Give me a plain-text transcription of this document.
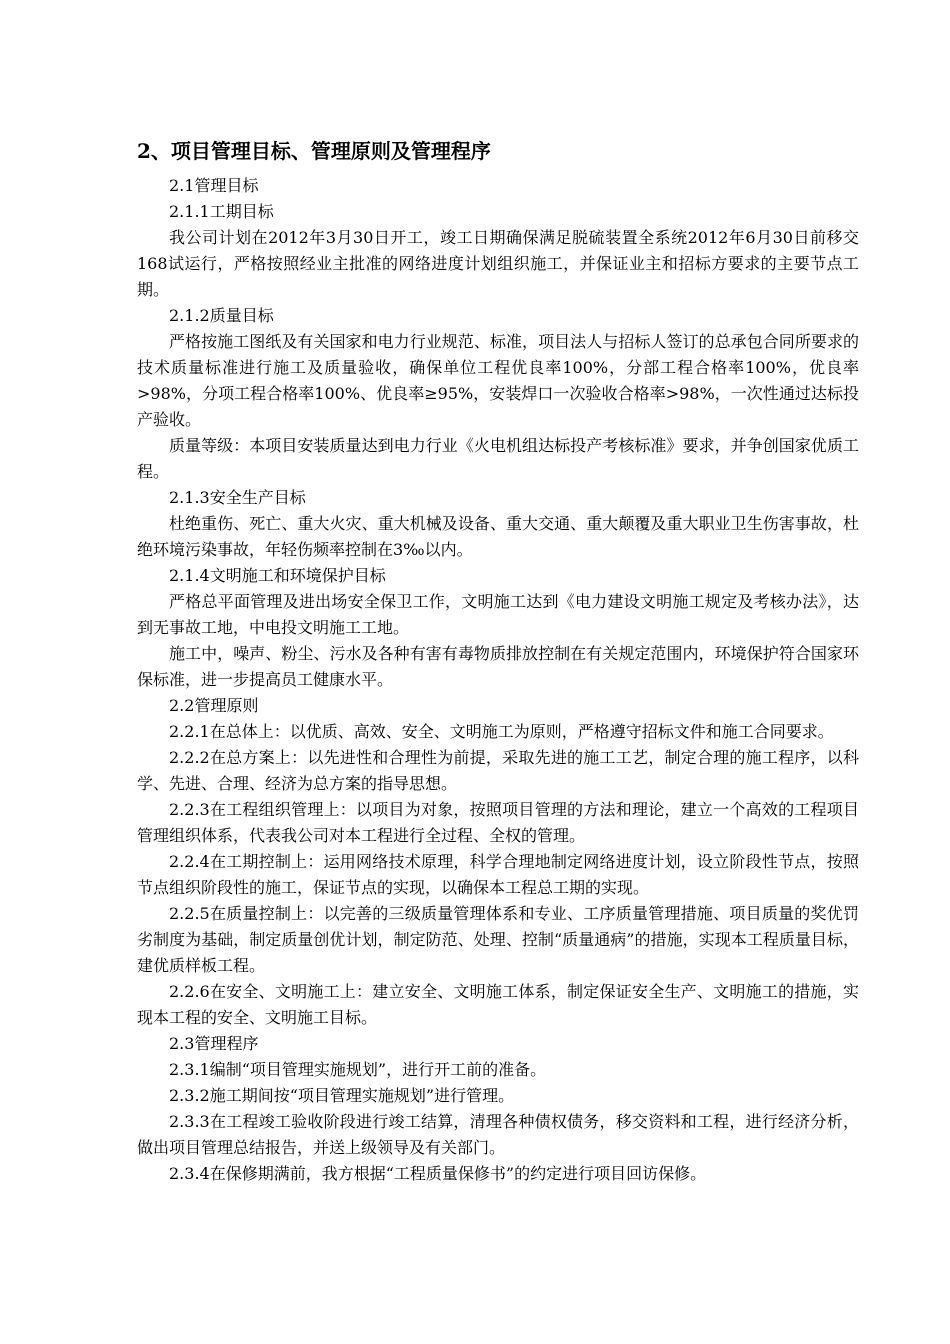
2、项目管理目标、管理原则及管理程序

2.1管理目标

2.1.1工期目标

我公司计划在2012年3月30日开工，竣工日期确保满足脱硫装置全系统2012年6月30日前移交168试运行，严格按照经业主批准的网络进度计划组织施工，并保证业主和招标方要求的主要节点工期。

2.1.2质量目标

严格按施工图纸及有关国家和电力行业规范、标准，项目法人与招标人签订的总承包合同所要求的技术质量标准进行施工及质量验收，确保单位工程优良率100%，分部工程合格率100%，优良率>98%，分项工程合格率100%、优良率≥95%，安装焊口一次验收合格率>98%，一次性通过达标投产验收。

质量等级：本项目安装质量达到电力行业《火电机组达标投产考核标准》要求，并争创国家优质工程。

2.1.3安全生产目标

杜绝重伤、死亡、重大火灾、重大机械及设备、重大交通、重大颠覆及重大职业卫生伤害事故，杜绝环境污染事故，年轻伤频率控制在3‰以内。

2.1.4文明施工和环境保护目标

严格总平面管理及进出场安全保卫工作，文明施工达到《电力建设文明施工规定及考核办法》，达到无事故工地，中电投文明施工工地。

施工中，噪声、粉尘、污水及各种有害有毒物质排放控制在有关规定范围内，环境保护符合国家环保标准，进一步提高员工健康水平。

2.2管理原则

2.2.1在总体上：以优质、高效、安全、文明施工为原则，严格遵守招标文件和施工合同要求。

2.2.2在总方案上：以先进性和合理性为前提，采取先进的施工工艺，制定合理的施工程序，以科学、先进、合理、经济为总方案的指导思想。

2.2.3在工程组织管理上：以项目为对象，按照项目管理的方法和理论，建立一个高效的工程项目管理组织体系，代表我公司对本工程进行全过程、全权的管理。

2.2.4在工期控制上：运用网络技术原理，科学合理地制定网络进度计划，设立阶段性节点，按照节点组织阶段性的施工，保证节点的实现，以确保本工程总工期的实现。

2.2.5在质量控制上：以完善的三级质量管理体系和专业、工序质量管理措施、项目质量的奖优罚劣制度为基础，制定质量创优计划，制定防范、处理、控制“质量通病”的措施，实现本工程质量目标，建优质样板工程。

2.2.6在安全、文明施工上：建立安全、文明施工体系，制定保证安全生产、文明施工的措施，实现本工程的安全、文明施工目标。

2.3管理程序

2.3.1编制“项目管理实施规划”，进行开工前的准备。

2.3.2施工期间按“项目管理实施规划”进行管理。

2.3.3在工程竣工验收阶段进行竣工结算，清理各种债权债务，移交资料和工程，进行经济分析，做出项目管理总结报告，并送上级领导及有关部门。

2.3.4在保修期满前，我方根据“工程质量保修书”的约定进行项目回访保修。
